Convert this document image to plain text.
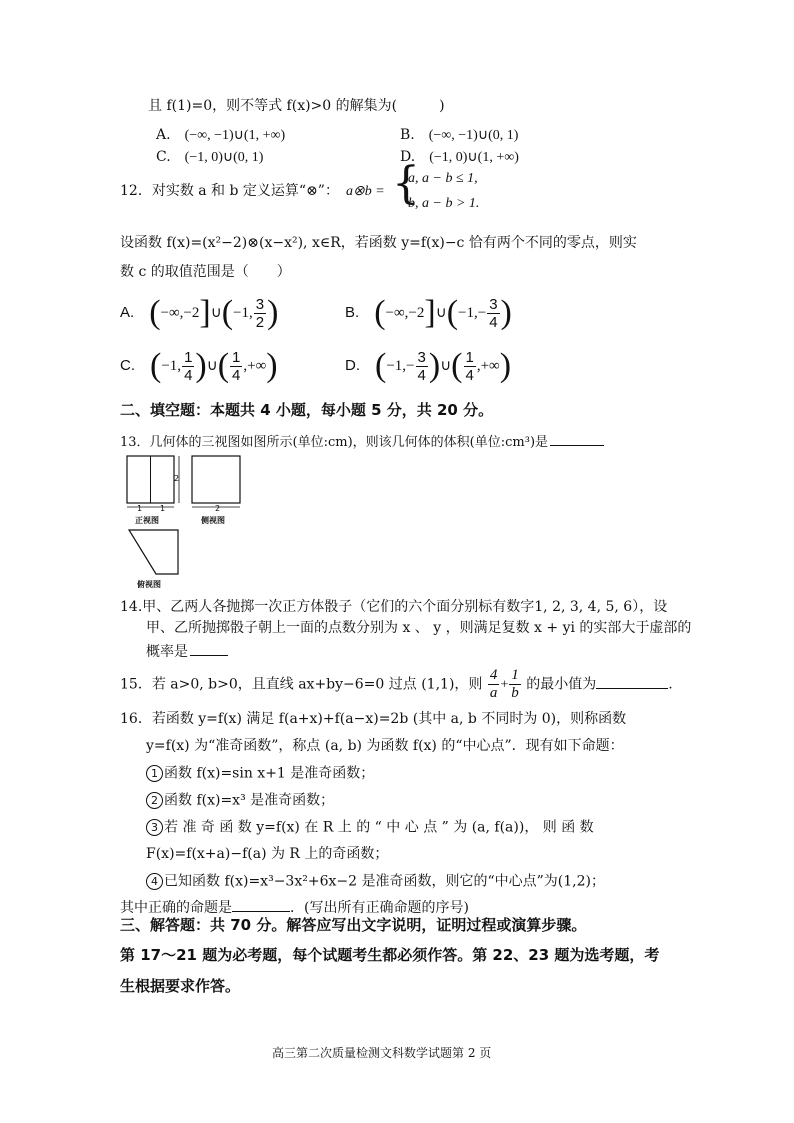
且 f(1)=0，则不等式 f(x)>0 的解集为(　　　)
A.　(−∞, −1)∪(1, +∞)	B.　(−∞, −1)∪(0, 1)
C.　(−1, 0)∪(0, 1)	D.　(−1, 0)∪(1, +∞)
12．对实数 a 和 b 定义运算“⊗”： a⊗b = {
a, a − b ≤ 1,
b, a − b > 1.
设函数 f(x)=(x²−2)⊗(x−x²), x∈R，若函数 y=f(x)−c 恰有两个不同的零点，则实
数 c 的取值范围是（　　）
A.　(−∞,−2]∪(−1, $\frac{3}{2}$ )	B.　(−∞,−2]∪(−1,− $\frac{3}{4}$ )
C.　(−1, $\frac{1}{4}$ )∪( $\frac{1}{4}$ ,+∞)	D.　($-1,- \frac{3}{4}$ )∪( $\frac{1}{4}$ ,+∞)
二、填空题：本题共 4 小题，每小题 5 分，共 20 分。
13．几何体的三视图如图所示(单位:cm)，则该几何体的体积(单位:cm³)是
1 1	2
2
正视图	侧视图
俯视图
14.甲、乙两人各抛掷一次正方体骰子（它们的六个面分别标有数字1, 2, 3, 4, 5, 6），设
甲、乙所抛掷骰子朝上一面的点数分别为 x 、 y ，则满足复数 x + yi 的实部大于虚部的
概率是
15．若 a>0, b>0，且直线 ax+by−6=0 过点 (1,1)，则 $\frac{4}{a} + \frac{1}{b}$ 的最小值为	.
16．若函数 y=f(x) 满足 f(a+x)+f(a−x)=2b (其中 a, b 不同时为 0)，则称函数
y=f(x) 为“准奇函数”，称点 (a, b) 为函数 f(x) 的“中心点”．现有如下命题：
1 函数 f(x)=sin x+1 是准奇函数；
2 函数 f(x)=x³ 是准奇函数；
3 若 准 奇 函 数 y=f(x) 在 R 上 的 “ 中 心 点 ” 为 (a, f(a))， 则 函 数
F(x)=f(x+a)−f(a) 为 R 上的奇函数；
4 已知函数 f(x)=x³−3x²+6x−2 是准奇函数，则它的“中心点”为(1,2)；
其中正确的命题是	．(写出所有正确命题的序号)
三、解答题：共 70 分。解答应写出文字说明，证明过程或演算步骤。
第 17～21 题为必考题，每个试题考生都必须作答。第 22、23 题为选考题，考
生根据要求作答。
高三第二次质量检测文科数学试题第 2 页
